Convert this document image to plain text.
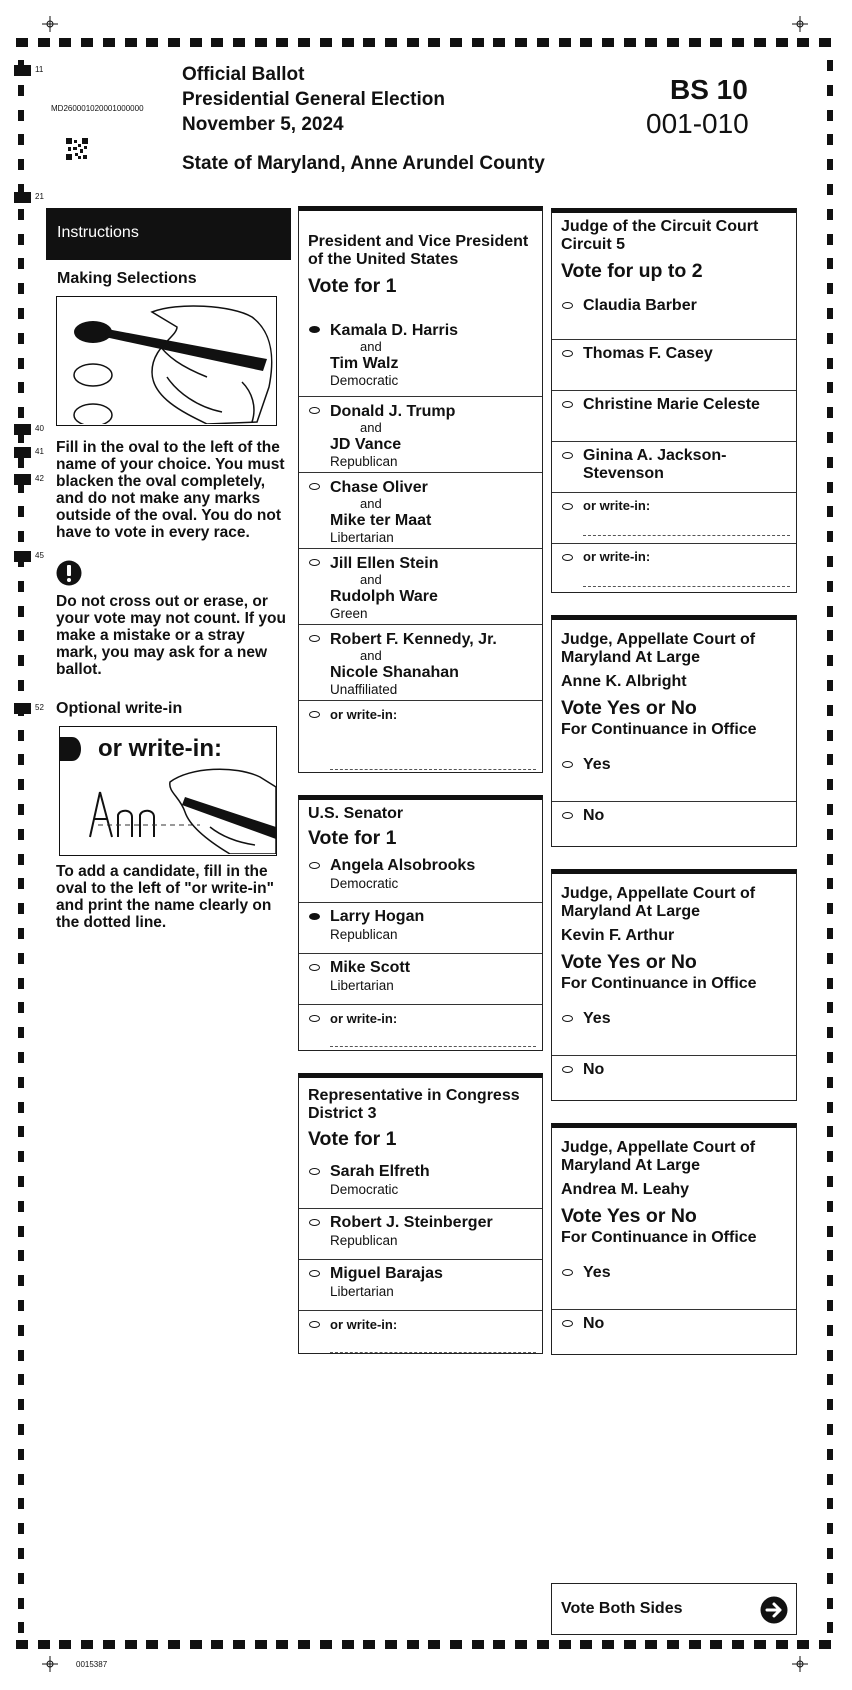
11
21
40
41
42
45
52
MD260001020001000000
Official Ballot
Presidential General Election
November 5, 2024
State of Maryland, Anne Arundel County
BS 10
001-010
Instructions
Making Selections
Fill in the oval to the left of the name of your choice. You must blacken the oval completely, and do not make any marks outside of the oval. You do not have to vote in every race.
Do not cross out or erase, or your vote may not count. If you make a mistake or a stray mark, you may ask for a new ballot.
Optional write-in
or write-in:
To add a candidate, fill in the oval to the left of "or write-in" and print the name clearly on the dotted line.
President and Vice President of the United States
Vote for 1
Kamala D. Harris
and
Tim Walz
Democratic
Donald J. Trump
and
JD Vance
Republican
Chase Oliver
and
Mike ter Maat
Libertarian
Jill Ellen Stein
and
Rudolph Ware
Green
Robert F. Kennedy, Jr.
and
Nicole Shanahan
Unaffiliated
or write-in:
U.S. Senator
Vote for 1
Angela Alsobrooks
Democratic
Larry Hogan
Republican
Mike Scott
Libertarian
or write-in:
Representative in Congress District 3
Vote for 1
Sarah Elfreth
Democratic
Robert J. Steinberger
Republican
Miguel Barajas
Libertarian
or write-in:
Judge of the Circuit Court Circuit 5
Vote for up to 2
Claudia Barber
Thomas F. Casey
Christine Marie Celeste
Ginina A. Jackson-Stevenson
or write-in:
or write-in:
Judge, Appellate Court of Maryland At Large
Anne K. Albright
Vote Yes or No
For Continuance in Office
Yes
No
Judge, Appellate Court of Maryland At Large
Kevin F. Arthur
Vote Yes or No
For Continuance in Office
Yes
No
Judge, Appellate Court of Maryland At Large
Andrea M. Leahy
Vote Yes or No
For Continuance in Office
Yes
No
Vote Both Sides
0015387
